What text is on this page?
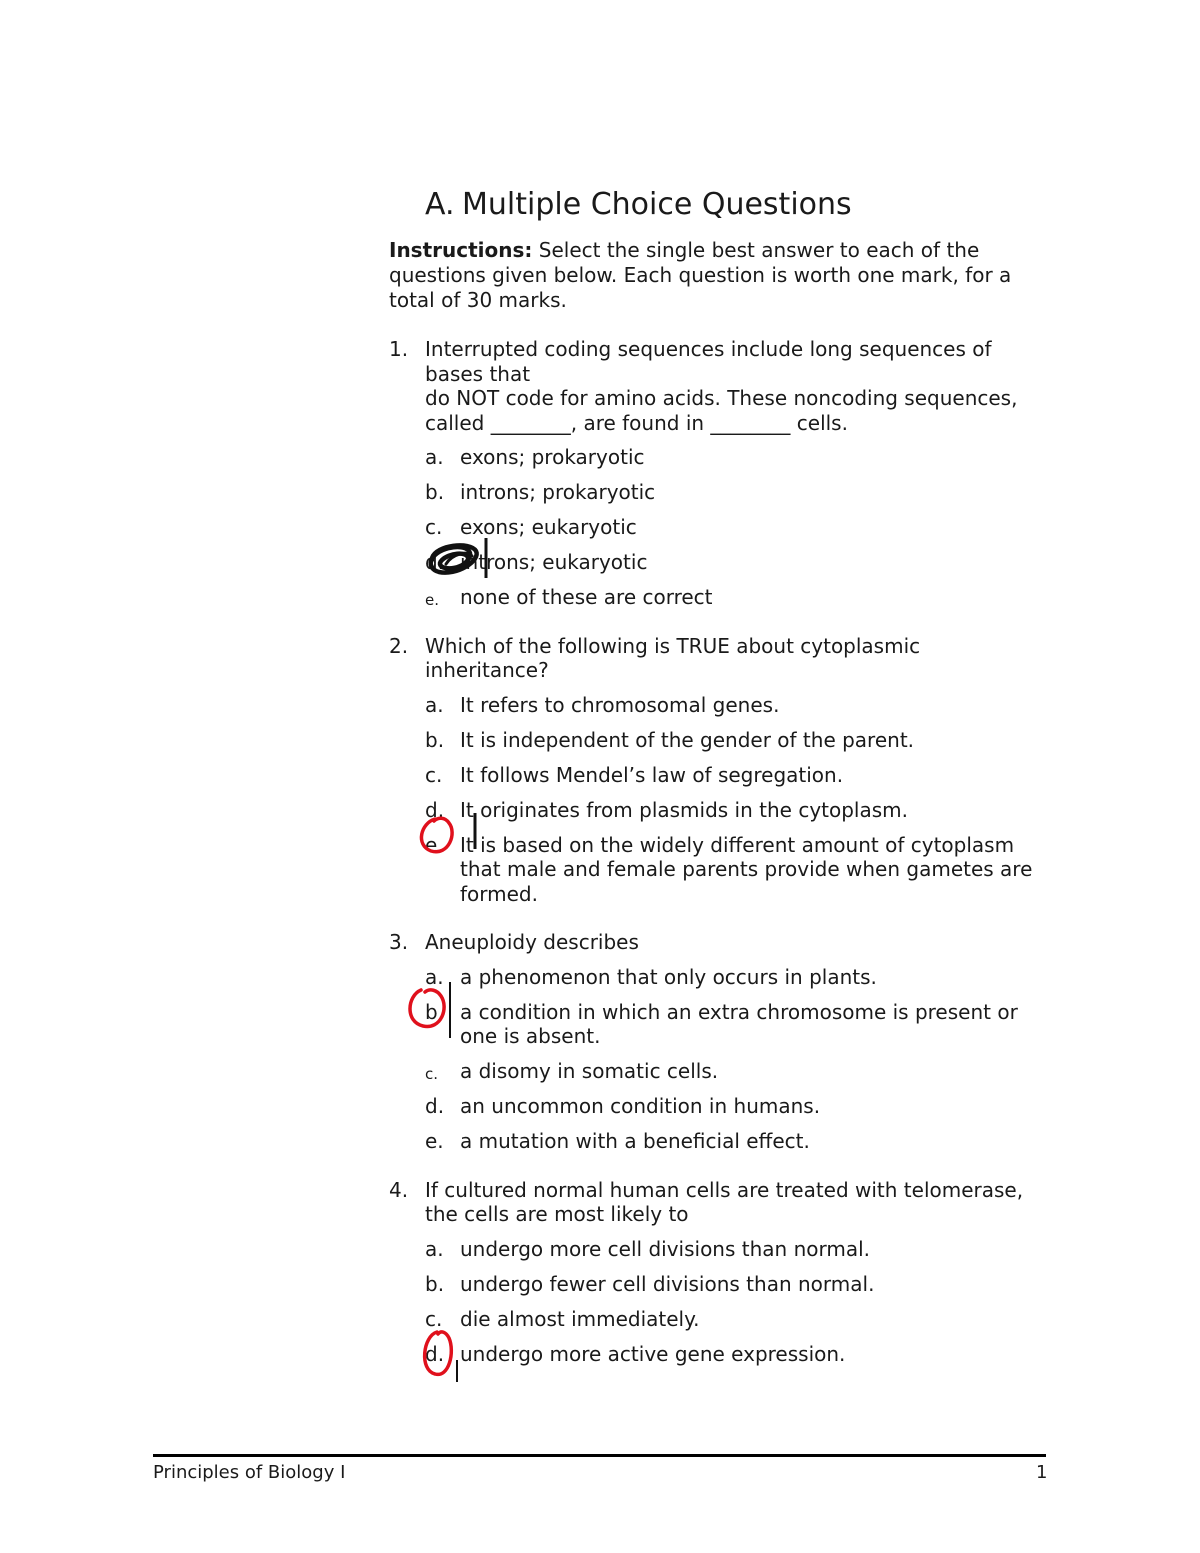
A. Multiple Choice Questions

Instructions: Select the single best answer to each of the questions given below. Each question is worth one mark, for a total of 30 marks.

1. Interrupted coding sequences include long sequences of bases that
do NOT code for amino acids. These noncoding sequences,
called ________, are found in ________ cells.
a. exons; prokaryotic
b. introns; prokaryotic
c. exons; eukaryotic
d. introns; eukaryotic
e. none of these are correct
2. Which of the following is TRUE about cytoplasmic inheritance?
a. It refers to chromosomal genes.
b. It is independent of the gender of the parent.
c. It follows Mendel’s law of segregation.
d. It originates from plasmids in the cytoplasm.
e. It is based on the widely different amount of cytoplasm that male and female parents provide when gametes are formed.
3. Aneuploidy describes
a. a phenomenon that only occurs in plants.
b. a condition in which an extra chromosome is present or one is absent.
c. a disomy in somatic cells.
d. an uncommon condition in humans.
e. a mutation with a beneficial effect.
4. If cultured normal human cells are treated with telomerase, the cells are most likely to
a. undergo more cell divisions than normal.
b. undergo fewer cell divisions than normal.
c. die almost immediately.
d. undergo more active gene expression.
Principles of Biology I	1
